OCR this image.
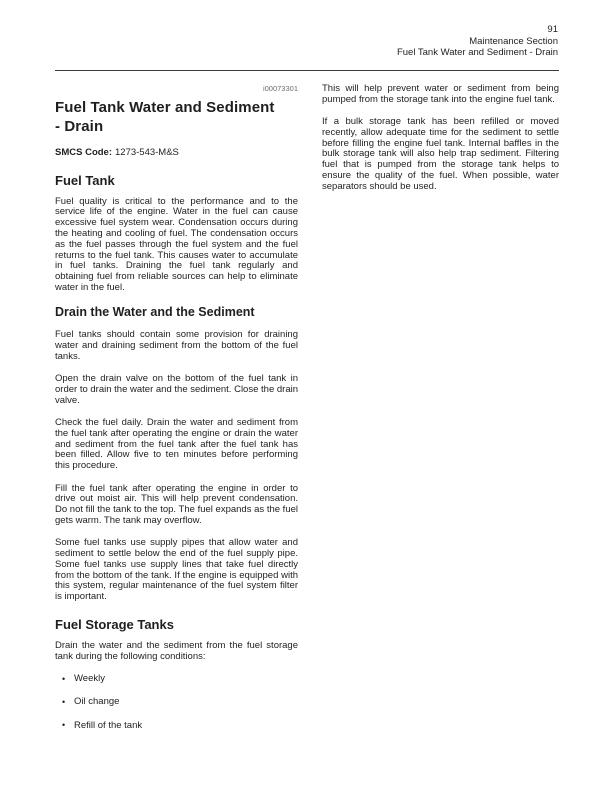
91
Maintenance Section
Fuel Tank Water and Sediment - Drain
i00073301
Fuel Tank Water and Sediment
- Drain

SMCS Code: 1273-543-M&S

Fuel Tank

Fuel quality is critical to the performance and to the service life of the engine. Water in the fuel can cause excessive fuel system wear. Condensation occurs during the heating and cooling of fuel. The condensation occurs as the fuel passes through the fuel system and the fuel returns to the fuel tank. This causes water to accumulate in fuel tanks. Draining the fuel tank regularly and obtaining fuel from reliable sources can help to eliminate water in the fuel.

Drain the Water and the Sediment

Fuel tanks should contain some provision for draining water and draining sediment from the bottom of the fuel tanks.

Open the drain valve on the bottom of the fuel tank in order to drain the water and the sediment. Close the drain valve.

Check the fuel daily. Drain the water and sediment from the fuel tank after operating the engine or drain the water and sediment from the fuel tank after the fuel tank has been filled. Allow five to ten minutes before performing this procedure.

Fill the fuel tank after operating the engine in order to drive out moist air. This will help prevent condensation. Do not fill the tank to the top. The fuel expands as the fuel gets warm. The tank may overflow.

Some fuel tanks use supply pipes that allow water and sediment to settle below the end of the fuel supply pipe. Some fuel tanks use supply lines that take fuel directly from the bottom of the tank. If the engine is equipped with this system, regular maintenance of the fuel system filter is important.

Fuel Storage Tanks

Drain the water and the sediment from the fuel storage tank during the following conditions:

• Weekly
• Oil change
• Refill of the tank

This will help prevent water or sediment from being pumped from the storage tank into the engine fuel tank.

If a bulk storage tank has been refilled or moved recently, allow adequate time for the sediment to settle before filling the engine fuel tank. Internal baffles in the bulk storage tank will also help trap sediment. Filtering fuel that is pumped from the storage tank helps to ensure the quality of the fuel. When possible, water separators should be used.
